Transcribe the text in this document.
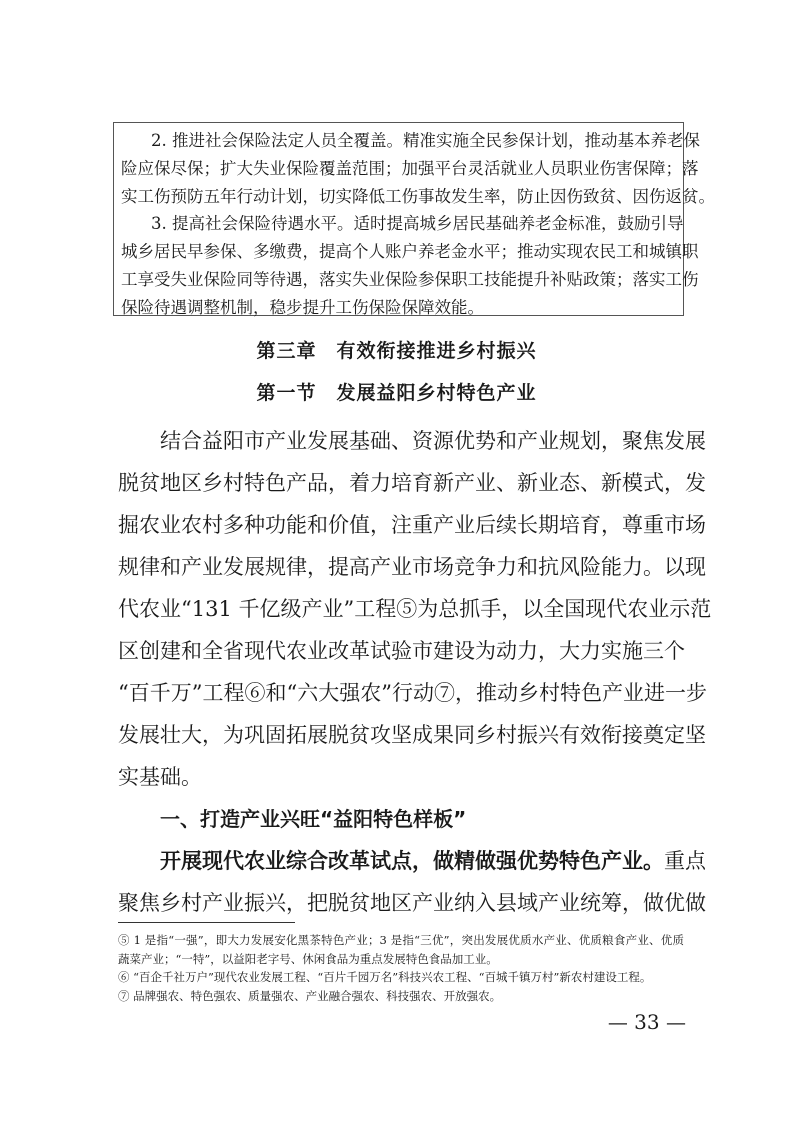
2. 推进社会保险法定人员全覆盖。精准实施全民参保计划，推动基本养老保
险应保尽保；扩大失业保险覆盖范围；加强平台灵活就业人员职业伤害保障；落
实工伤预防五年行动计划，切实降低工伤事故发生率，防止因伤致贫、因伤返贫。
3. 提高社会保险待遇水平。适时提高城乡居民基础养老金标准，鼓励引导
城乡居民早参保、多缴费，提高个人账户养老金水平；推动实现农民工和城镇职
工享受失业保险同等待遇，落实失业保险参保职工技能提升补贴政策；落实工伤
保险待遇调整机制，稳步提升工伤保险保障效能。
第三章　有效衔接推进乡村振兴
第一节　发展益阳乡村特色产业
结合益阳市产业发展基础、资源优势和产业规划，聚焦发展
脱贫地区乡村特色产品，着力培育新产业、新业态、新模式，发
掘农业农村多种功能和价值，注重产业后续长期培育，尊重市场
规律和产业发展规律，提高产业市场竞争力和抗风险能力。以现
代农业“131 千亿级产业”工程⑤为总抓手，以全国现代农业示范
区创建和全省现代农业改革试验市建设为动力，大力实施三个
“百千万”工程⑥和“六大强农”行动⑦，推动乡村特色产业进一步
发展壮大，为巩固拓展脱贫攻坚成果同乡村振兴有效衔接奠定坚
实基础。
一、打造产业兴旺“益阳特色样板”
开展现代农业综合改革试点，做精做强优势特色产业。重点
聚焦乡村产业振兴，把脱贫地区产业纳入县域产业统筹，做优做
⑤ 1 是指“一强”，即大力发展安化黑茶特色产业；3 是指“三优”，突出发展优质水产业、优质粮食产业、优质
蔬菜产业；“一特”，以益阳老字号、休闲食品为重点发展特色食品加工业。
⑥ “百企千社万户”现代农业发展工程、“百片千园万名”科技兴农工程、“百城千镇万村”新农村建设工程。
⑦ 品牌强农、特色强农、质量强农、产业融合强农、科技强农、开放强农。
— 33 —
